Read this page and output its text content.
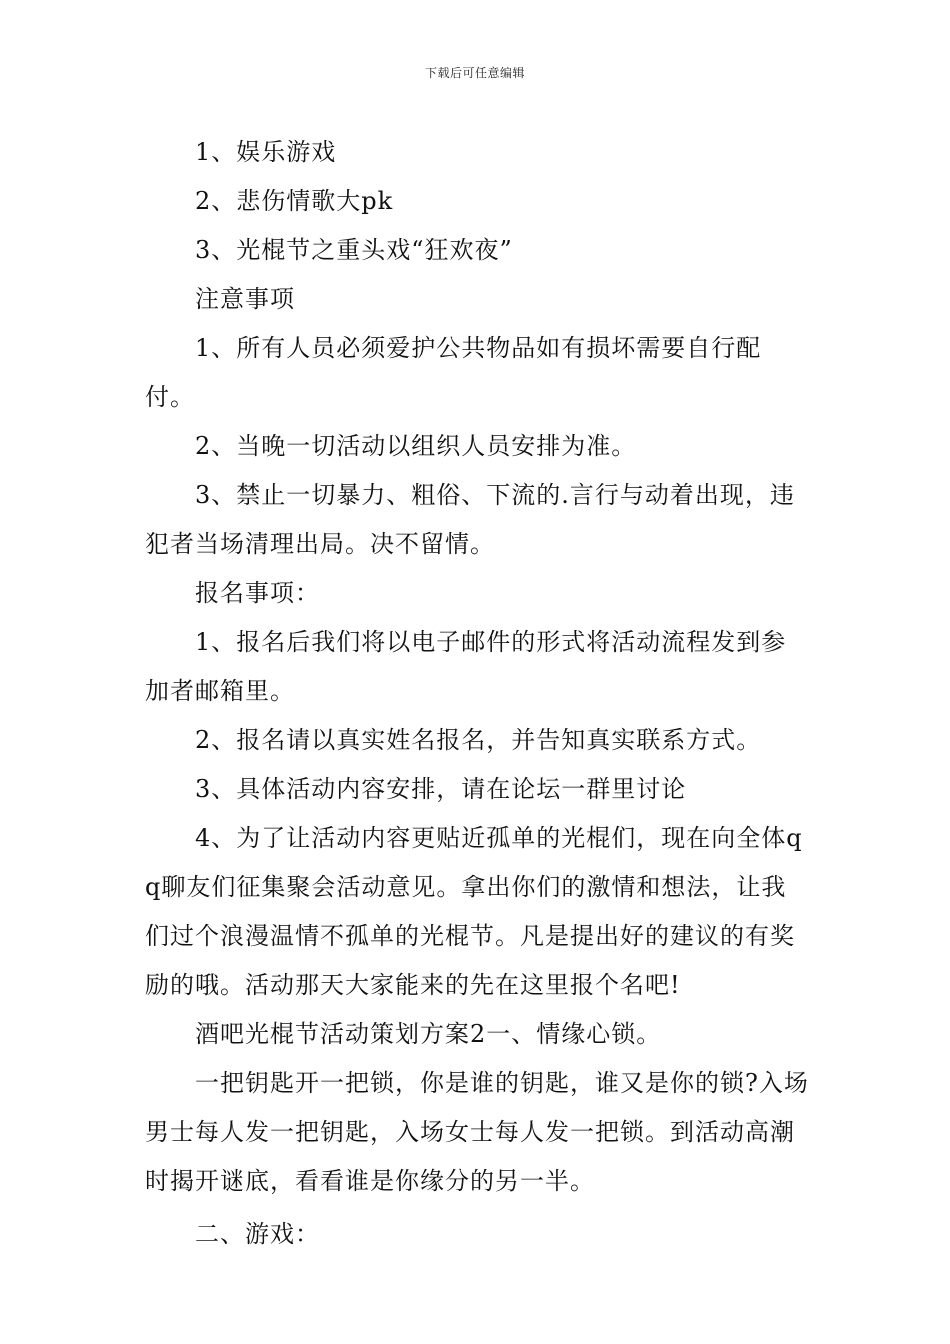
下载后可任意编辑

1、娱乐游戏

2、悲伤情歌大pk

3、光棍节之重头戏“狂欢夜”

注意事项

1、所有人员必须爱护公共物品如有损坏需要自行配付。

2、当晚一切活动以组织人员安排为准。

3、禁止一切暴力、粗俗、下流的.言行与动着出现，违犯者当场清理出局。决不留情。

报名事项：

1、报名后我们将以电子邮件的形式将活动流程发到参加者邮箱里。

2、报名请以真实姓名报名，并告知真实联系方式。

3、具体活动内容安排，请在论坛一群里讨论

4、为了让活动内容更贴近孤单的光棍们，现在向全体qq聊友们征集聚会活动意见。拿出你们的激情和想法，让我们过个浪漫温情不孤单的光棍节。凡是提出好的建议的有奖励的哦。活动那天大家能来的先在这里报个名吧!

酒吧光棍节活动策划方案2一、情缘心锁。

一把钥匙开一把锁，你是谁的钥匙，谁又是你的锁?入场男士每人发一把钥匙，入场女士每人发一把锁。到活动高潮时揭开谜底，看看谁是你缘分的另一半。

二、游戏：
